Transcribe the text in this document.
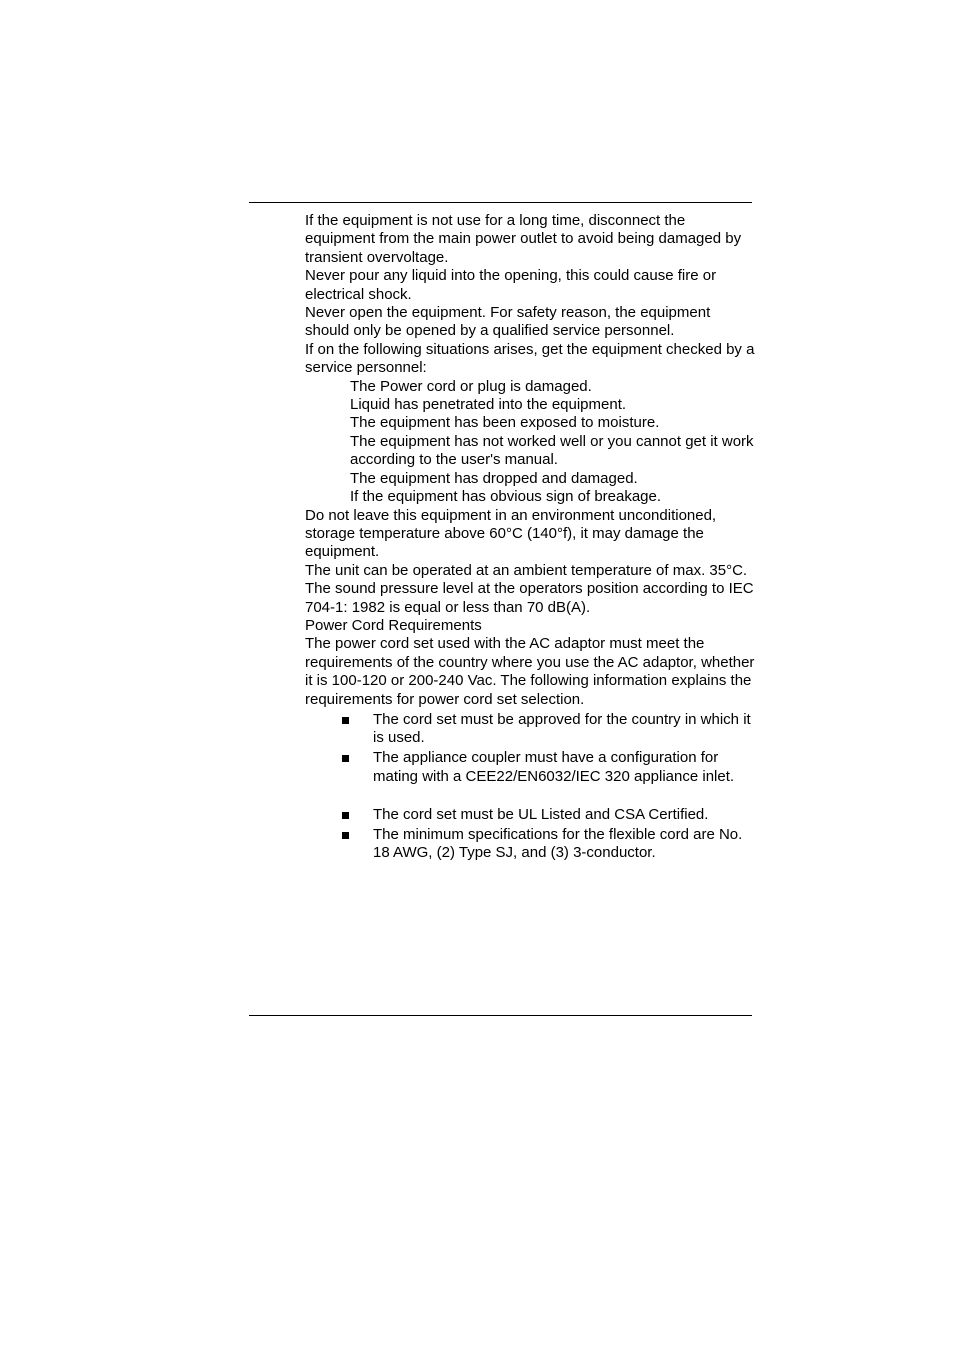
If the equipment is not use for a long time, disconnect the equipment from the main power outlet to avoid being damaged by transient overvoltage.

Never pour any liquid into the opening, this could cause fire or electrical shock.

Never open the equipment. For safety reason, the equipment should only be opened by a qualified service personnel.

If on the following situations arises, get the equipment checked by a service personnel:

The Power cord or plug is damaged.

Liquid has penetrated into the equipment.

The equipment has been exposed to moisture.

The equipment has not worked well or you cannot get it work according to the user's manual.

The equipment has dropped and damaged.

If the equipment has obvious sign of breakage.

Do not leave this equipment in an environment unconditioned, storage temperature above 60°C (140°f), it may damage the equipment.

The unit can be operated at an ambient temperature of max. 35°C.

The sound pressure level at the operators position according to IEC 704-1: 1982 is equal or less than 70 dB(A).

Power Cord Requirements

The power cord set used with the AC adaptor must meet the requirements of the country where you use the AC adaptor, whether it is 100-120 or 200-240 Vac. The following information explains the requirements for power cord set selection.

The cord set must be approved for the country in which it is used.
The appliance coupler must have a configuration for mating with a CEE22/EN6032/IEC 320 appliance inlet.
The cord set must be UL Listed and CSA Certified.
The minimum specifications for the flexible cord are No. 18 AWG, (2) Type SJ, and (3) 3-conductor.
